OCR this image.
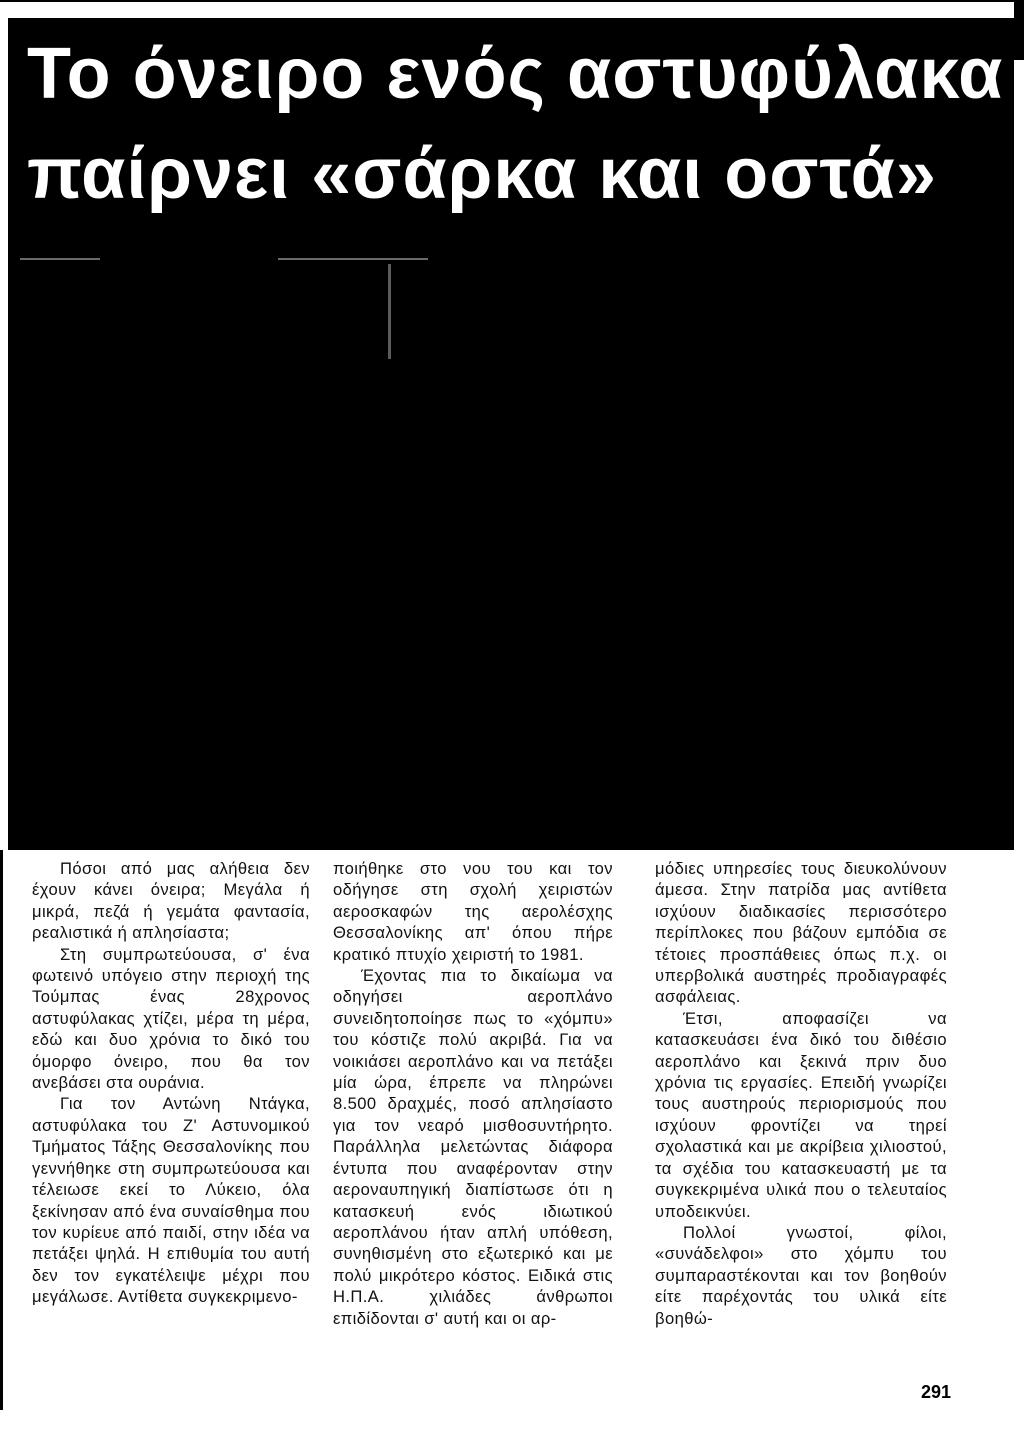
Το όνειρο ενός αστυφύλακα
παίρνει «σάρκα και οστά»

Πόσοι από μας αλήθεια δεν έχουν κάνει όνειρα; Μεγάλα ή μικρά, πεζά ή γεμάτα φαντασία, ρεαλιστικά ή απλησίαστα;

Στη συμπρωτεύουσα, σ' ένα φωτεινό υπόγειο στην περιοχή της Τούμπας ένας 28χρονος αστυφύλακας χτίζει, μέρα τη μέρα, εδώ και δυο χρόνια το δικό του όμορφο όνειρο, που θα τον ανεβάσει στα ουράνια.

Για τον Αντώνη Ντάγκα, αστυφύλακα του Ζ' Αστυνομικού Τμήματος Τάξης Θεσσαλονίκης που γεννήθηκε στη συμπρωτεύουσα και τέλειωσε εκεί το Λύκειο, όλα ξεκίνησαν από ένα συναίσθημα που τον κυρίευε από παιδί, στην ιδέα να πετάξει ψηλά. Η επιθυμία του αυτή δεν τον εγκατέλειψε μέχρι που μεγάλωσε. Αντίθετα συγκεκριμενο-

ποιήθηκε στο νου του και τον οδήγησε στη σχολή χειριστών αεροσκαφών της αερολέσχης Θεσσαλονίκης απ' όπου πήρε κρατικό πτυχίο χειριστή το 1981.

Έχοντας πια το δικαίωμα να οδηγήσει αεροπλάνο συνειδητοποίησε πως το «χόμπυ» του κόστιζε πολύ ακριβά. Για να νοικιάσει αεροπλάνο και να πετάξει μία ώρα, έπρεπε να πληρώνει 8.500 δραχμές, ποσό απλησίαστο για τον νεαρό μισθοσυντήρητο. Παράλληλα μελετώντας διάφορα έντυπα που αναφέρονταν στην αεροναυπηγική διαπίστωσε ότι η κατασκευή ενός ιδιωτικού αεροπλάνου ήταν απλή υπόθεση, συνηθισμένη στο εξωτερικό και με πολύ μικρότερο κόστος. Ειδικά στις Η.Π.Α. χιλιάδες άνθρωποι επιδίδονται σ' αυτή και οι αρ-

μόδιες υπηρεσίες τους διευκολύνουν άμεσα. Στην πατρίδα μας αντίθετα ισχύουν διαδικασίες περισσότερο περίπλοκες που βάζουν εμπόδια σε τέτοιες προσπάθειες όπως π.χ. οι υπερβολικά αυστηρές προδιαγραφές ασφάλειας.

Έτσι, αποφασίζει να κατασκευάσει ένα δικό του διθέσιο αεροπλάνο και ξεκινά πριν δυο χρόνια τις εργασίες. Επειδή γνωρίζει τους αυστηρούς περιορισμούς που ισχύουν φροντίζει να τηρεί σχολαστικά και με ακρίβεια χιλιοστού, τα σχέδια του κατασκευαστή με τα συγκεκριμένα υλικά που ο τελευταίος υποδεικνύει.

Πολλοί γνωστοί, φίλοι, «συνάδελφοι» στο χόμπυ του συμπαραστέκονται και τον βοηθούν είτε παρέχοντάς του υλικά είτε βοηθώ-

291
